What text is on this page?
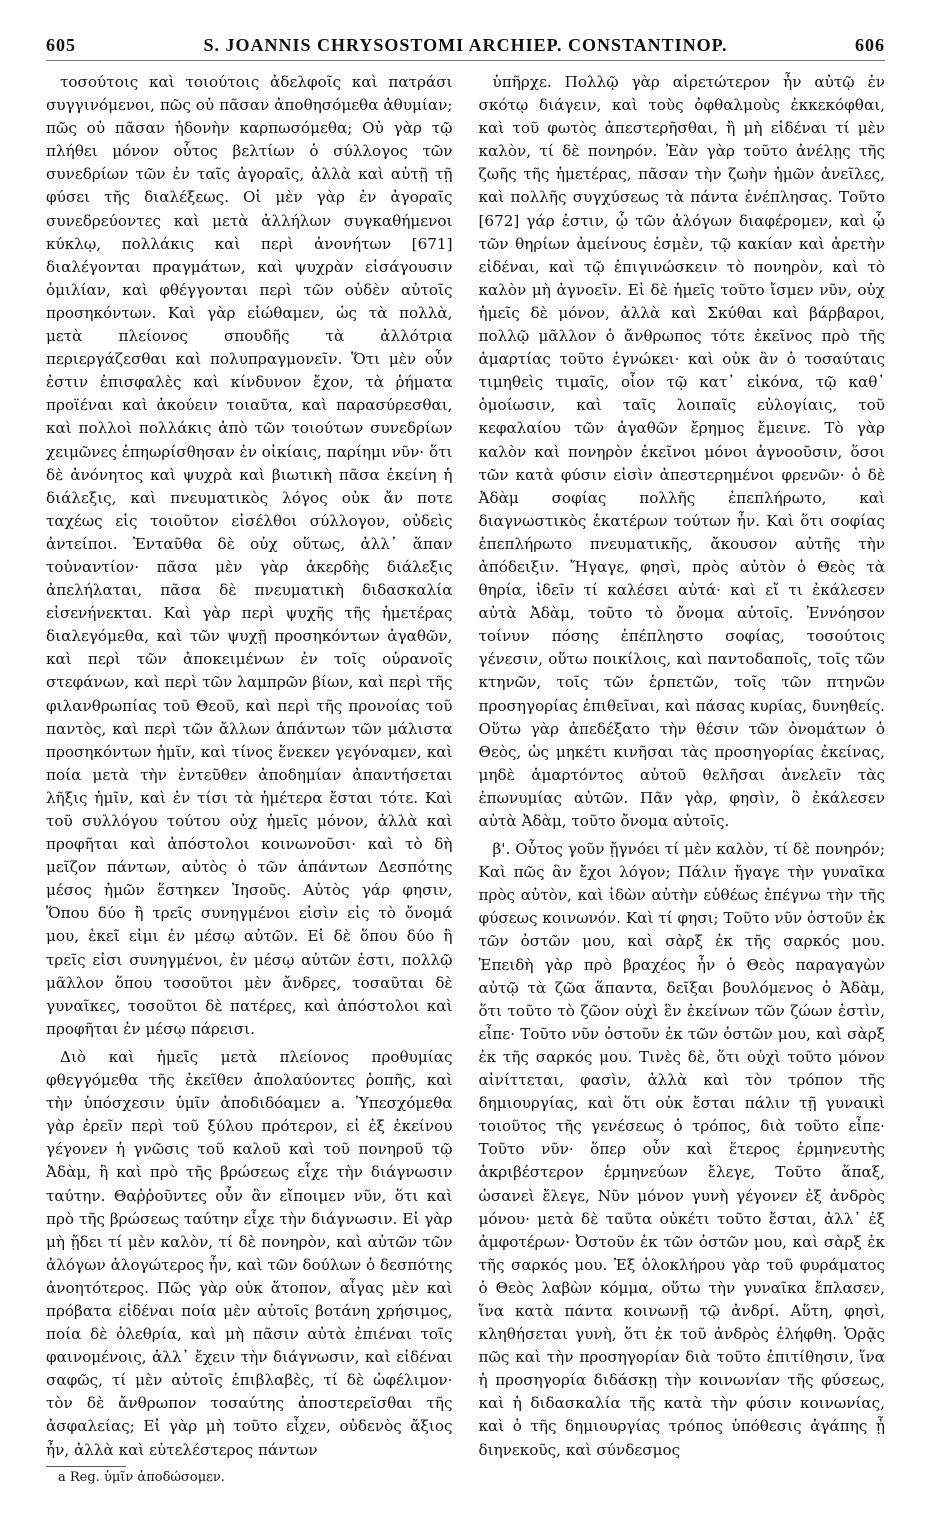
605	S. JOANNIS CHRYSOSTOMI ARCHIEP. CONSTANTINOP.	606

τοσούτοις καὶ τοιούτοις ἀδελφοῖς καὶ πατράσι συγγινόμενοι, πῶς οὐ πᾶσαν ἀποθησόμεθα ἀθυμίαν; πῶς οὐ πᾶσαν ἡδονὴν καρπωσόμεθα; Οὐ γὰρ τῷ πλήθει μόνον οὗτος βελτίων ὁ σύλλογος τῶν συνεδρίων τῶν ἐν ταῖς ἀγοραῖς, ἀλλὰ καὶ αὐτῇ τῇ φύσει τῆς διαλέξεως. Οἱ μὲν γὰρ ἐν ἀγοραῖς συνεδρεύοντες καὶ μετὰ ἀλλήλων συγκαθήμενοι κύκλῳ, πολλάκις καὶ περὶ ἀνονήτων [671] διαλέγονται πραγμάτων, καὶ ψυχρὰν εἰσάγουσιν ὁμιλίαν, καὶ φθέγγονται περὶ τῶν οὐδὲν αὐτοῖς προσηκόντων. Καὶ γὰρ εἰώθαμεν, ὡς τὰ πολλὰ, μετὰ πλείονος σπουδῆς τὰ ἀλλότρια περιεργάζεσθαι καὶ πολυπραγμονεῖν. Ὅτι μὲν οὖν ἐστιν ἐπισφαλὲς καὶ κίνδυνον ἔχον, τὰ ῥήματα προϊέναι καὶ ἀκούειν τοιαῦτα, καὶ παρασύρεσθαι, καὶ πολλοὶ πολλάκις ἀπὸ τῶν τοιούτων συνεδρίων χειμῶνες ἐπηωρίσθησαν ἐν οἰκίαις, παρίημι νῦν· ὅτι δὲ ἀνόνητος καὶ ψυχρὰ καὶ βιωτικὴ πᾶσα ἐκείνη ἡ διάλεξις, καὶ πνευματικὸς λόγος οὐκ ἄν ποτε ταχέως εἰς τοιοῦτον εἰσέλθοι σύλλογον, οὐδεὶς ἀντείποι. Ἐνταῦθα δὲ οὐχ οὕτως, ἀλλ᾽ ἅπαν τοὐναντίον· πᾶσα μὲν γὰρ ἀκερδὴς διάλεξις ἀπελήλαται, πᾶσα δὲ πνευματικὴ διδασκαλία εἰσενήνεκται. Καὶ γὰρ περὶ ψυχῆς τῆς ἡμετέρας διαλεγόμεθα, καὶ τῶν ψυχῇ προσηκόντων ἀγαθῶν, καὶ περὶ τῶν ἀποκειμένων ἐν τοῖς οὐρανοῖς στεφάνων, καὶ περὶ τῶν λαμπρῶν βίων, καὶ περὶ τῆς φιλανθρωπίας τοῦ Θεοῦ, καὶ περὶ τῆς προνοίας τοῦ παντὸς, καὶ περὶ τῶν ἄλλων ἁπάντων τῶν μάλιστα προσηκόντων ἡμῖν, καὶ τίνος ἕνεκεν γεγόναμεν, καὶ ποία μετὰ τὴν ἐντεῦθεν ἀποδημίαν ἀπαντήσεται λῆξις ἡμῖν, καὶ ἐν τίσι τὰ ἡμέτερα ἔσται τότε. Καὶ τοῦ συλλόγου τούτου οὐχ ἡμεῖς μόνον, ἀλλὰ καὶ προφῆται καὶ ἀπόστολοι κοινωνοῦσι· καὶ τὸ δὴ μεῖζον πάντων, αὐτὸς ὁ τῶν ἁπάντων Δεσπότης μέσος ἡμῶν ἕστηκεν Ἰησοῦς. Αὐτὸς γάρ φησιν, Ὅπου δύο ἢ τρεῖς συνηγμένοι εἰσὶν εἰς τὸ ὄνομά μου, ἐκεῖ εἰμι ἐν μέσῳ αὐτῶν. Εἰ δὲ ὅπου δύο ἢ τρεῖς εἰσι συνηγμένοι, ἐν μέσῳ αὐτῶν ἐστι, πολλῷ μᾶλλον ὅπου τοσοῦτοι μὲν ἄνδρες, τοσαῦται δὲ γυναῖκες, τοσοῦτοι δὲ πατέρες, καὶ ἀπόστολοι καὶ προφῆται ἐν μέσῳ πάρεισι.

Διὸ καὶ ἡμεῖς μετὰ πλείονος προθυμίας φθεγγόμεθα τῆς ἐκεῖθεν ἀπολαύοντες ῥοπῆς, καὶ τὴν ὑπόσχεσιν ὑμῖν ἀποδιδόαμεν a. Ὑπεσχόμεθα γὰρ ἐρεῖν περὶ τοῦ ξύλου πρότερον, εἰ ἐξ ἐκείνου γέγονεν ἡ γνῶσις τοῦ καλοῦ καὶ τοῦ πονηροῦ τῷ Ἀδὰμ, ἢ καὶ πρὸ τῆς βρώσεως εἶχε τὴν διάγνωσιν ταύτην. Θαῤῥοῦντες οὖν ἂν εἴποιμεν νῦν, ὅτι καὶ πρὸ τῆς βρώσεως ταύτην εἶχε τὴν διάγνωσιν. Εἰ γὰρ μὴ ᾔδει τί μὲν καλὸν, τί δὲ πονηρὸν, καὶ αὐτῶν τῶν ἀλόγων ἀλογώτερος ἦν, καὶ τῶν δούλων ὁ δεσπότης ἀνοητότερος. Πῶς γὰρ οὐκ ἄτοπον, αἶγας μὲν καὶ πρόβατα εἰδέναι ποία μὲν αὐτοῖς βοτάνη χρήσιμος, ποία δὲ ὀλεθρία, καὶ μὴ πᾶσιν αὐτὰ ἐπιέναι τοῖς φαινομένοις, ἀλλ᾽ ἔχειν τὴν διάγνωσιν, καὶ εἰδέναι σαφῶς, τί μὲν αὐτοῖς ἐπιβλαβὲς, τί δὲ ὠφέλιμον· τὸν δὲ ἄνθρωπον τοσαύτης ἀποστερεῖσθαι τῆς ἀσφαλείας; Εἰ γὰρ μὴ τοῦτο εἶχεν, οὐδενὸς ἄξιος ἦν, ἀλλὰ καὶ εὐτελέστερος πάντων

a Reg. ὑμῖν ἀποδώσομεν.

ὑπῆρχε. Πολλῷ γὰρ αἱρετώτερον ἦν αὐτῷ ἐν σκότῳ διάγειν, καὶ τοὺς ὀφθαλμοὺς ἐκκεκόφθαι, καὶ τοῦ φωτὸς ἀπεστερῆσθαι, ἢ μὴ εἰδέναι τί μὲν καλὸν, τί δὲ πονηρόν. Ἐὰν γὰρ τοῦτο ἀνέλῃς τῆς ζωῆς τῆς ἡμετέρας, πᾶσαν τὴν ζωὴν ἡμῶν ἀνεῖλες, καὶ πολλῆς συγχύσεως τὰ πάντα ἐνέπλησας. Τοῦτο [672] γάρ ἐστιν, ᾧ τῶν ἀλόγων διαφέρομεν, καὶ ᾧ τῶν θηρίων ἀμείνους ἐσμὲν, τῷ κακίαν καὶ ἀρετὴν εἰδέναι, καὶ τῷ ἐπιγινώσκειν τὸ πονηρὸν, καὶ τὸ καλὸν μὴ ἀγνοεῖν. Εἰ δὲ ἡμεῖς τοῦτο ἴσμεν νῦν, οὐχ ἡμεῖς δὲ μόνον, ἀλλὰ καὶ Σκύθαι καὶ βάρβαροι, πολλῷ μᾶλλον ὁ ἄνθρωπος τότε ἐκεῖνος πρὸ τῆς ἁμαρτίας τοῦτο ἐγνώκει· καὶ οὐκ ἂν ὁ τοσαύταις τιμηθεὶς τιμαῖς, οἷον τῷ κατ᾽ εἰκόνα, τῷ καθ᾽ ὁμοίωσιν, καὶ ταῖς λοιπαῖς εὐλογίαις, τοῦ κεφαλαίου τῶν ἀγαθῶν ἔρημος ἔμεινε. Τὸ γὰρ καλὸν καὶ πονηρὸν ἐκεῖνοι μόνοι ἀγνοοῦσιν, ὅσοι τῶν κατὰ φύσιν εἰσὶν ἀπεστερημένοι φρενῶν· ὁ δὲ Ἀδὰμ σοφίας πολλῆς ἐπεπλήρωτο, καὶ διαγνωστικὸς ἑκατέρων τούτων ἦν. Καὶ ὅτι σοφίας ἐπεπλήρωτο πνευματικῆς, ἄκουσον αὐτῆς τὴν ἀπόδειξιν. Ἤγαγε, φησὶ, πρὸς αὐτὸν ὁ Θεὸς τὰ θηρία, ἰδεῖν τί καλέσει αὐτά· καὶ εἴ τι ἐκάλεσεν αὐτὰ Ἀδὰμ, τοῦτο τὸ ὄνομα αὐτοῖς. Ἐννόησον τοίνυν πόσης ἐπέπληστο σοφίας, τοσούτοις γένεσιν, οὕτω ποικίλοις, καὶ παντοδαποῖς, τοῖς τῶν κτηνῶν, τοῖς τῶν ἑρπετῶν, τοῖς τῶν πτηνῶν προσηγορίας ἐπιθεῖναι, καὶ πάσας κυρίας, δυνηθείς. Οὕτω γὰρ ἀπεδέξατο τὴν θέσιν τῶν ὀνομάτων ὁ Θεὸς, ὡς μηκέτι κινῆσαι τὰς προσηγορίας ἐκείνας, μηδὲ ἁμαρτόντος αὐτοῦ θελῆσαι ἀνελεῖν τὰς ἐπωνυμίας αὐτῶν. Πᾶν γὰρ, φησὶν, ὃ ἐκάλεσεν αὐτὰ Ἀδὰμ, τοῦτο ὄνομα αὐτοῖς.

β'. Οὗτος γοῦν ᾔγνόει τί μὲν καλὸν, τί δὲ πονηρόν; Καὶ πῶς ἂν ἔχοι λόγον; Πάλιν ἤγαγε τὴν γυναῖκα πρὸς αὐτὸν, καὶ ἰδὼν αὐτὴν εὐθέως ἐπέγνω τὴν τῆς φύσεως κοινωνόν. Καὶ τί φησι; Τοῦτο νῦν ὀστοῦν ἐκ τῶν ὀστῶν μου, καὶ σὰρξ ἐκ τῆς σαρκός μου. Ἐπειδὴ γὰρ πρὸ βραχέος ἦν ὁ Θεὸς παραγαγὼν αὐτῷ τὰ ζῶα ἅπαντα, δεῖξαι βουλόμενος ὁ Ἀδὰμ, ὅτι τοῦτο τὸ ζῶον οὐχὶ ἓν ἐκείνων τῶν ζώων ἐστὶν, εἶπε· Τοῦτο νῦν ὀστοῦν ἐκ τῶν ὀστῶν μου, καὶ σὰρξ ἐκ τῆς σαρκός μου. Τινὲς δὲ, ὅτι οὐχὶ τοῦτο μόνον αἰνίττεται, φασὶν, ἀλλὰ καὶ τὸν τρόπον τῆς δημιουργίας, καὶ ὅτι οὐκ ἔσται πάλιν τῇ γυναικὶ τοιοῦτος τῆς γενέσεως ὁ τρόπος, διὰ τοῦτο εἶπε· Τοῦτο νῦν· ὅπερ οὖν καὶ ἕτερος ἑρμηνευτὴς ἀκριβέστερον ἑρμηνεύων ἔλεγε, Τοῦτο ἅπαξ, ὡσανεὶ ἔλεγε, Νῦν μόνον γυνὴ γέγονεν ἐξ ἀνδρὸς μόνου· μετὰ δὲ ταῦτα οὐκέτι τοῦτο ἔσται, ἀλλ᾽ ἐξ ἀμφοτέρων· Ὀστοῦν ἐκ τῶν ὀστῶν μου, καὶ σὰρξ ἐκ τῆς σαρκός μου. Ἐξ ὁλοκλήρου γὰρ τοῦ φυράματος ὁ Θεὸς λαβὼν κόμμα, οὕτω τὴν γυναῖκα ἔπλασεν, ἵνα κατὰ πάντα κοινωνῇ τῷ ἀνδρί. Αὕτη, φησὶ, κληθήσεται γυνὴ, ὅτι ἐκ τοῦ ἀνδρὸς ἐλήφθη. Ὁρᾷς πῶς καὶ τὴν προσηγορίαν διὰ τοῦτο ἐπιτίθησιν, ἵνα ἡ προσηγορία διδάσκῃ τὴν κοινωνίαν τῆς φύσεως, καὶ ἡ διδασκαλία τῆς κατὰ τὴν φύσιν κοινωνίας, καὶ ὁ τῆς δημιουργίας τρόπος ὑπόθεσις ἀγάπης ᾖ διηνεκοῦς, καὶ σύνδεσμος
